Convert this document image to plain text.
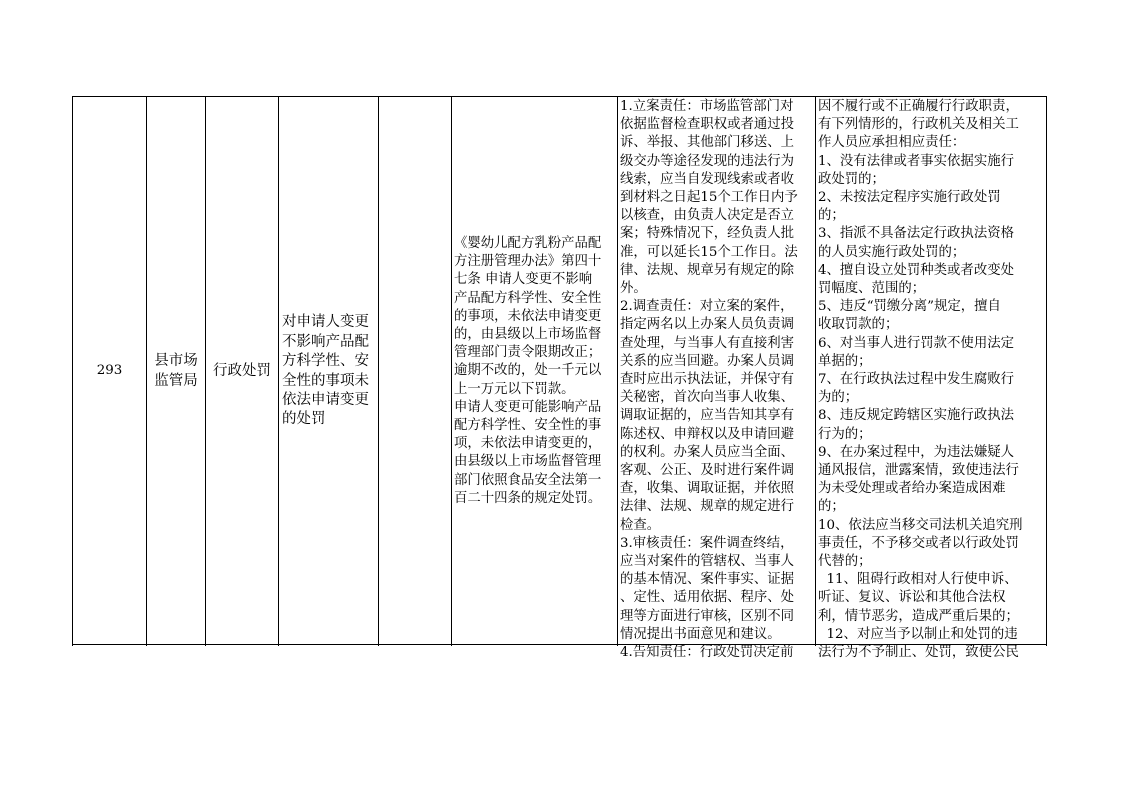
293

县市场
监管局

行政处罚

对申请人变更
不影响产品配
方科学性、安
全性的事项未
依法申请变更
的处罚

《婴幼儿配方乳粉产品配
方注册管理办法》第四十
七条 申请人变更不影响
产品配方科学性、安全性
的事项，未依法申请变更
的，由县级以上市场监督
管理部门责令限期改正；
逾期不改的，处一千元以
上一万元以下罚款。
申请人变更可能影响产品
配方科学性、安全性的事
项，未依法申请变更的，
由县级以上市场监督管理
部门依照食品安全法第一
百二十四条的规定处罚。

1.立案责任：市场监管部门对
依据监督检查职权或者通过投
诉、举报、其他部门移送、上
级交办等途径发现的违法行为
线索，应当自发现线索或者收
到材料之日起15个工作日内予
以核查，由负责人决定是否立
案；特殊情况下，经负责人批
准，可以延长15个工作日。法
律、法规、规章另有规定的除
外。
2.调查责任：对立案的案件，
指定两名以上办案人员负责调
查处理，与当事人有直接利害
关系的应当回避。办案人员调
查时应出示执法证，并保守有
关秘密，首次向当事人收集、
调取证据的，应当告知其享有
陈述权、申辩权以及申请回避
的权利。办案人员应当全面、
客观、公正、及时进行案件调
查，收集、调取证据，并依照
法律、法规、规章的规定进行
检查。
3.审核责任：案件调查终结，
应当对案件的管辖权、当事人
的基本情况、案件事实、证据
、定性、适用依据、程序、处
理等方面进行审核，区别不同
情况提出书面意见和建议。
4.告知责任：行政处罚决定前

因不履行或不正确履行行政职责，
有下列情形的，行政机关及相关工
作人员应承担相应责任：
1、没有法律或者事实依据实施行
政处罚的；
2、未按法定程序实施行政处罚
的；
3、指派不具备法定行政执法资格
的人员实施行政处罚的；
4、擅自设立处罚种类或者改变处
罚幅度、范围的；
5、违反“罚缴分离”规定，擅自
收取罚款的；
6、对当事人进行罚款不使用法定
单据的；
7、在行政执法过程中发生腐败行
为的；
8、违反规定跨辖区实施行政执法
行为的；
9、在办案过程中，为违法嫌疑人
通风报信，泄露案情，致使违法行
为未受处理或者给办案造成困难
的；
10、依法应当移交司法机关追究刑
事责任，不予移交或者以行政处罚
代替的；
11、阻碍行政相对人行使申诉、
听证、复议、诉讼和其他合法权
利，情节恶劣，造成严重后果的；
12、对应当予以制止和处罚的违
法行为不予制止、处罚，致使公民
